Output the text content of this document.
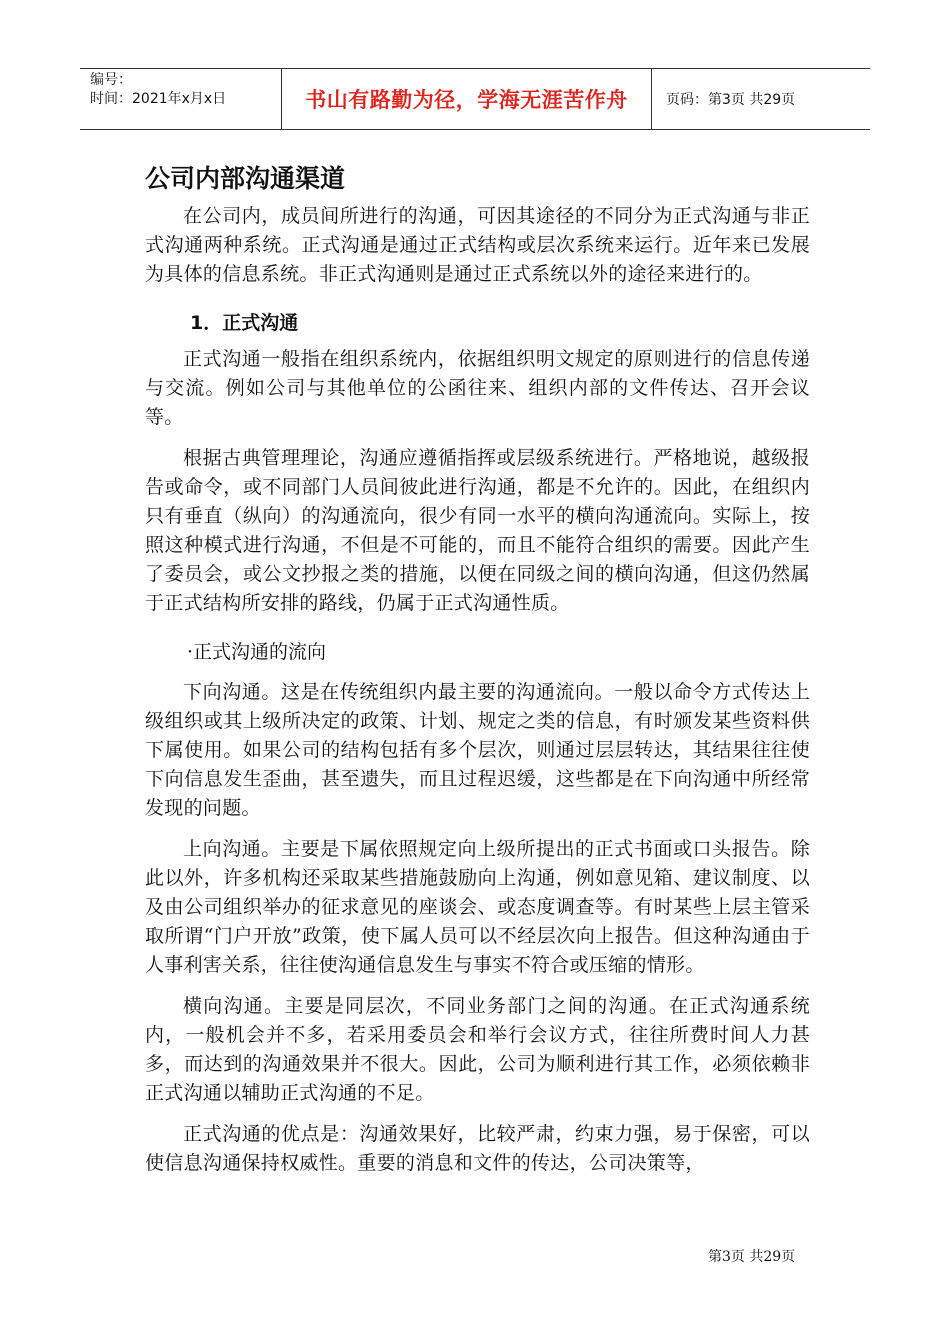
编号：
时间：2021年x月x日	书山有路勤为径，学海无涯苦作舟	页码：第3页 共29页
公司内部沟通渠道

在公司内，成员间所进行的沟通，可因其途径的不同分为正式沟通与非正式沟通两种系统。正式沟通是通过正式结构或层次系统来运行。近年来已发展为具体的信息系统。非正式沟通则是通过正式系统以外的途径来进行的。

1．正式沟通

正式沟通一般指在组织系统内，依据组织明文规定的原则进行的信息传递与交流。例如公司与其他单位的公函往来、组织内部的文件传达、召开会议等。

根据古典管理理论，沟通应遵循指挥或层级系统进行。严格地说，越级报告或命令，或不同部门人员间彼此进行沟通，都是不允许的。因此，在组织内只有垂直（纵向）的沟通流向，很少有同一水平的横向沟通流向。实际上，按照这种模式进行沟通，不但是不可能的，而且不能符合组织的需要。因此产生了委员会，或公文抄报之类的措施，以便在同级之间的横向沟通，但这仍然属于正式结构所安排的路线，仍属于正式沟通性质。

·正式沟通的流向

下向沟通。这是在传统组织内最主要的沟通流向。一般以命令方式传达上级组织或其上级所决定的政策、计划、规定之类的信息，有时颁发某些资料供下属使用。如果公司的结构包括有多个层次，则通过层层转达，其结果往往使下向信息发生歪曲，甚至遗失，而且过程迟缓，这些都是在下向沟通中所经常发现的问题。

上向沟通。主要是下属依照规定向上级所提出的正式书面或口头报告。除此以外，许多机构还采取某些措施鼓励向上沟通，例如意见箱、建议制度、以及由公司组织举办的征求意见的座谈会、或态度调查等。有时某些上层主管采取所谓“门户开放”政策，使下属人员可以不经层次向上报告。但这种沟通由于人事利害关系，往往使沟通信息发生与事实不符合或压缩的情形。

横向沟通。主要是同层次，不同业务部门之间的沟通。在正式沟通系统内，一般机会并不多，若采用委员会和举行会议方式，往往所费时间人力甚多，而达到的沟通效果并不很大。因此，公司为顺利进行其工作，必须依赖非正式沟通以辅助正式沟通的不足。

正式沟通的优点是：沟通效果好，比较严肃，约束力强，易于保密，可以使信息沟通保持权威性。重要的消息和文件的传达，公司决策等，

第3页 共29页
